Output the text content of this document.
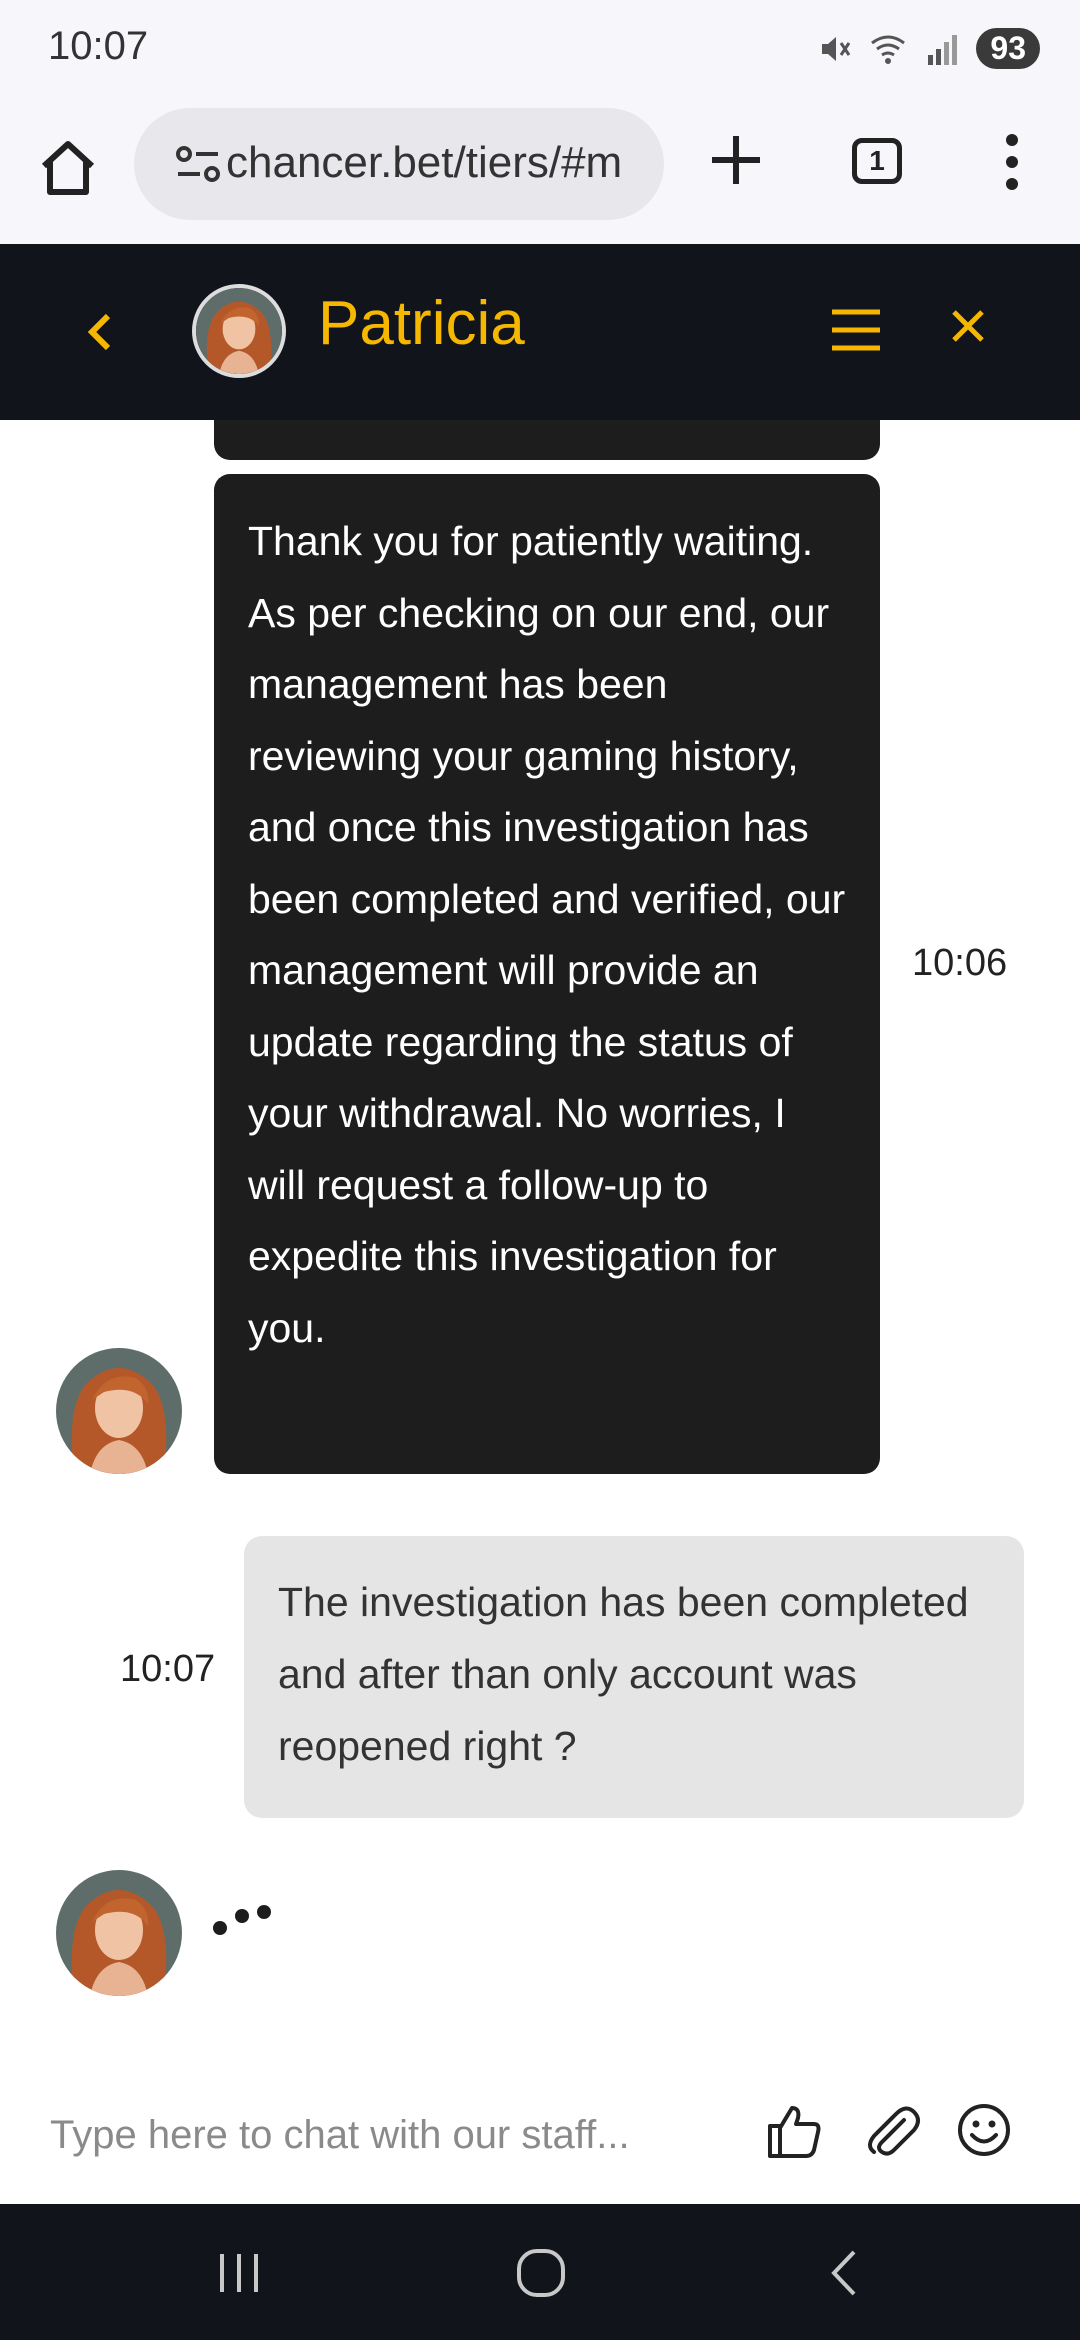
10:07	93
chancer.bet/tiers/#m	1
Patricia
Thank you for patiently waiting. As per checking on our end, our management has been reviewing your gaming history, and once this investigation has been completed and verified, our management will provide an update regarding the status of your withdrawal. No worries, I will request a follow-up to expedite this investigation for you.
10:06
The investigation has been completed and after than only account was reopened right ?
10:07
Type here to chat with our staff...
